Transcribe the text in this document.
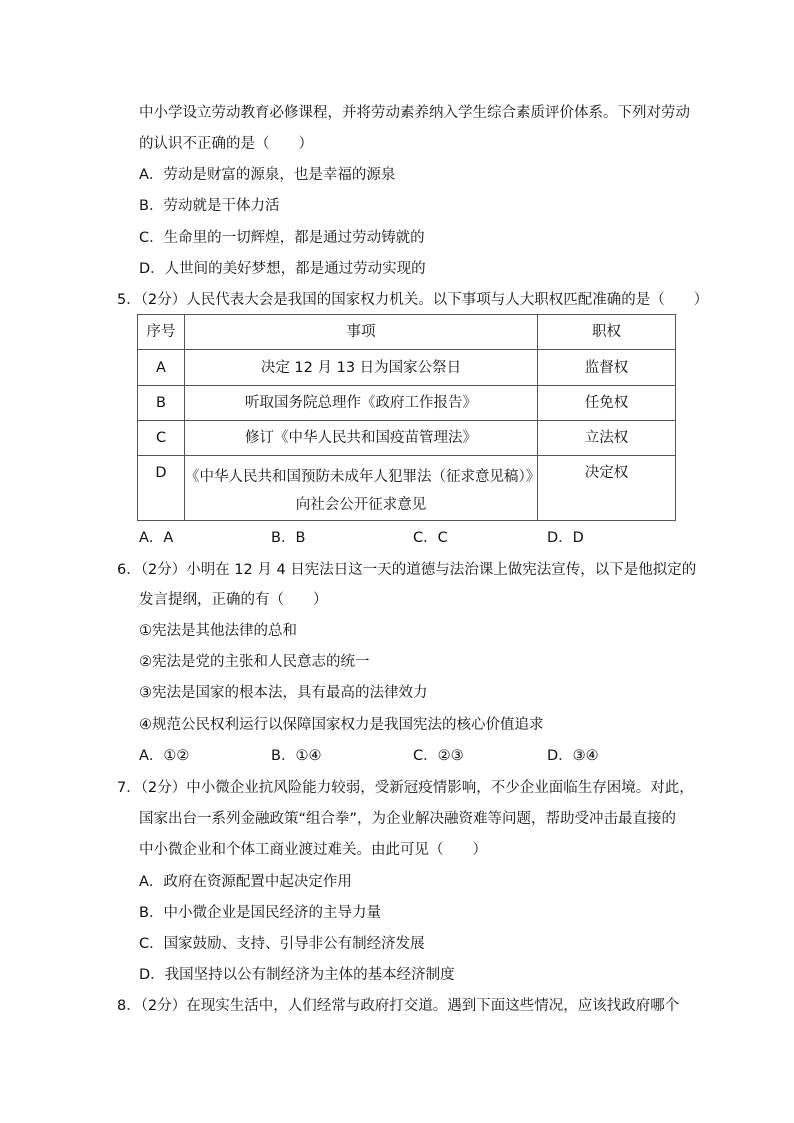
中小学设立劳动教育必修课程，并将劳动素养纳入学生综合素质评价体系。下列对劳动
的认识不正确的是（　　）
A．劳动是财富的源泉，也是幸福的源泉
B．劳动就是干体力活
C．生命里的一切辉煌，都是通过劳动铸就的
D．人世间的美好梦想，都是通过劳动实现的
5．（2分）人民代表大会是我国的国家权力机关。以下事项与人大职权匹配准确的是（　　）
序号	事项	职权
A	决定 12 月 13 日为国家公祭日	监督权
B	听取国务院总理作《政府工作报告》	任免权
C	修订《中华人民共和国疫苗管理法》	立法权
D	《中华人民共和国预防未成年人犯罪法（征求意见稿）》
向社会公开征求意见	决定权
A．A	B．B	C．C	D．D
6．（2分）小明在 12 月 4 日宪法日这一天的道德与法治课上做宪法宣传，以下是他拟定的
发言提纲，正确的有（　　）
①宪法是其他法律的总和
②宪法是党的主张和人民意志的统一
③宪法是国家的根本法，具有最高的法律效力
④规范公民权利运行以保障国家权力是我国宪法的核心价值追求
A．①②	B．①④	C．②③	D．③④
7．（2分）中小微企业抗风险能力较弱，受新冠疫情影响，不少企业面临生存困境。对此，
国家出台一系列金融政策“组合拳”，为企业解决融资难等问题，帮助受冲击最直接的
中小微企业和个体工商业渡过难关。由此可见（　　）
A．政府在资源配置中起决定作用
B．中小微企业是国民经济的主导力量
C．国家鼓励、支持、引导非公有制经济发展
D．我国坚持以公有制经济为主体的基本经济制度
8．（2分）在现实生活中，人们经常与政府打交道。遇到下面这些情况，应该找政府哪个
